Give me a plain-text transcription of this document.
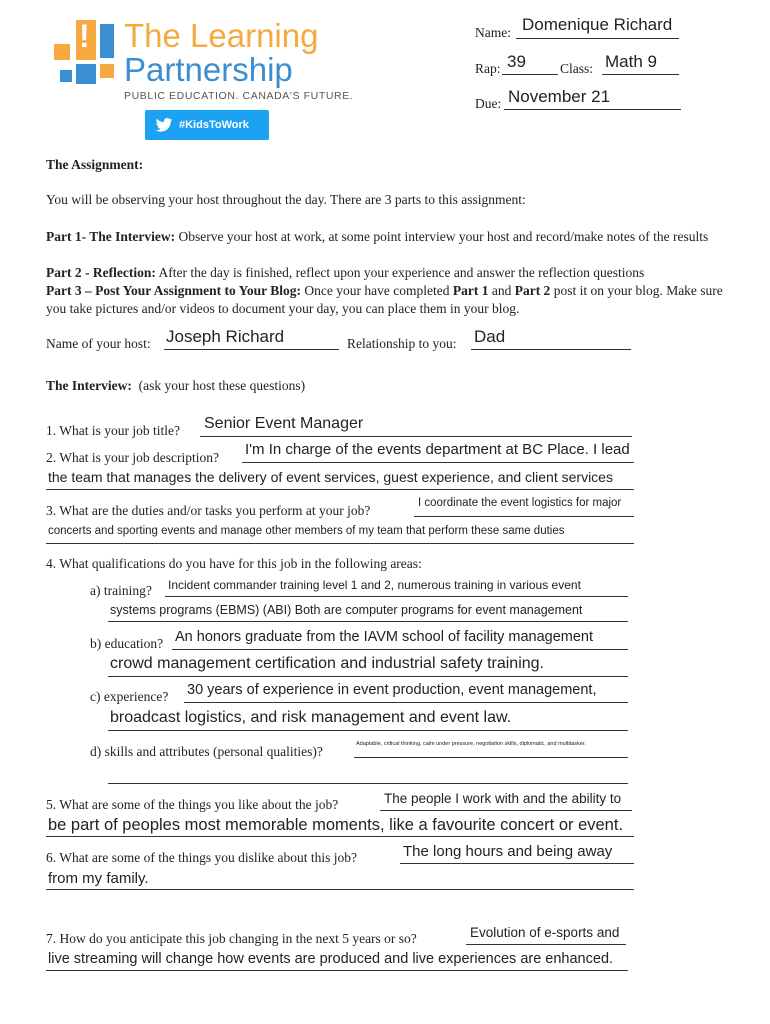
! The Learning
Partnership
PUBLIC EDUCATION. CANADA'S FUTURE.
#KidsToWork
Name: Domenique Richard
Rap: 39	Class: Math 9
Due: November 21
The Assignment:
You will be observing your host throughout the day. There are 3 parts to this assignment:
Part 1- The Interview: Observe your host at work, at some point interview your host and record/make notes of the results
Part 2 - Reflection: After the day is finished, reflect upon your experience and answer the reflection questions
Part 3 – Post Your Assignment to Your Blog: Once your have completed Part 1 and Part 2 post it on your blog. Make sure you take pictures and/or videos to document your day, you can place them in your blog.
Name of your host: Joseph Richard	Relationship to you: Dad
The Interview:  (ask your host these questions)
1. What is your job title? Senior Event Manager
2. What is your job description? I'm In charge of the events department at BC Place. I lead
the team that manages the delivery of event services, guest experience, and client services
3. What are the duties and/or tasks you perform at your job?	I coordinate the event logistics for major
concerts and sporting events and manage other members of my team that perform these same duties
4. What qualifications do you have for this job in the following areas:
a) training? Incident commander training level 1 and 2, numerous training in various event
systems programs (EBMS) (ABI) Both are computer programs for event management
b) education? An honors graduate from the IAVM school of facility management
crowd management certification and industrial safety training.
c) experience? 30 years of experience in event production, event management,
broadcast logistics, and risk management and event law.
d) skills and attributes (personal qualities)?	Adaptable, critical thinking, calm under pressure, negotiation skills, diplomatic, and multitasker.
5. What are some of the things you like about the job?	The people I work with and the ability to
be part of peoples most memorable moments, like a favourite concert or event.
6. What are some of the things you dislike about this job?	The long hours and being away
from my family.
7. How do you anticipate this job changing in the next 5 years or so?	Evolution of e-sports and
live streaming will change how events are produced and live experiences are enhanced.
